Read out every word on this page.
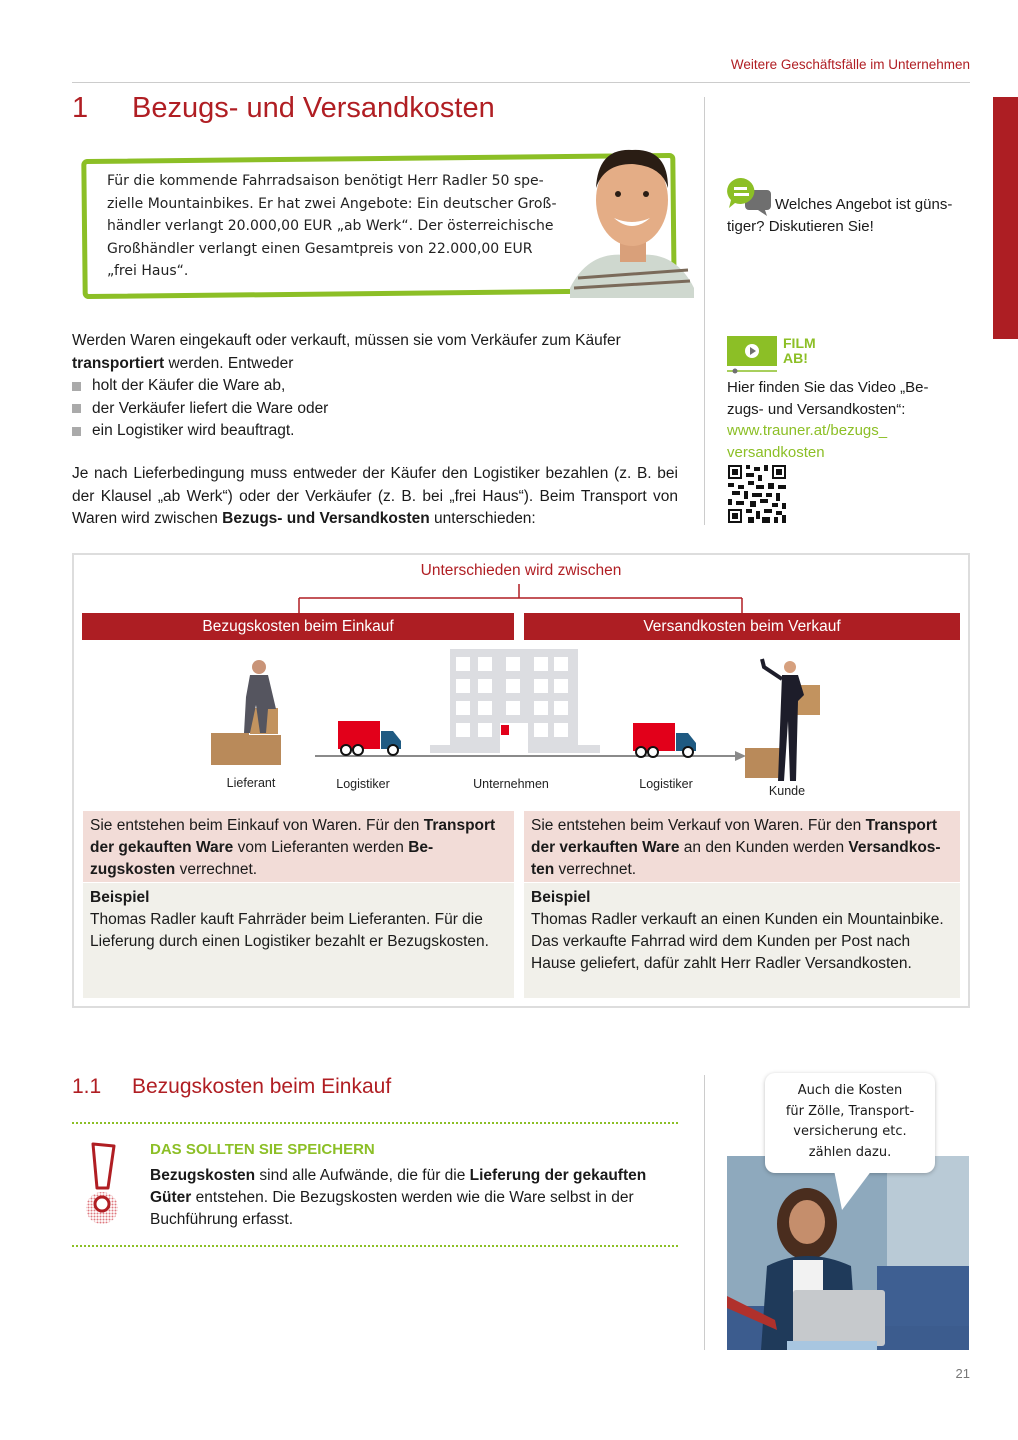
Weitere Geschäftsfälle im Unternehmen
1 Bezugs- und Versandkosten
Für die kommende Fahrradsaison benötigt Herr Radler 50 spe-
zielle Mountainbikes. Er hat zwei Angebote: Ein deutscher Groß-
händler verlangt 20.000,00 EUR „ab Werk“. Der österreichische
Großhändler verlangt einen Gesamtpreis von 22.000,00 EUR
„frei Haus“.
Welches Angebot ist güns-
tiger? Diskutieren Sie!
FILM
AB!
Hier finden Sie das Video „Be-
zugs- und Versandkosten“:
www.trauner.at/bezugs_
versandkosten
Werden Waren eingekauft oder verkauft, müssen sie vom Verkäufer zum Käufer
transportiert werden. Entweder
holt der Käufer die Ware ab,
der Verkäufer liefert die Ware oder
ein Logistiker wird beauftragt.
Je nach Lieferbedingung muss entweder der Käufer den Logistiker bezahlen (z. B. bei der Klausel „ab Werk“) oder der Verkäufer (z. B. bei „frei Haus“). Beim Transport von Waren wird zwischen Bezugs- und Versandkosten unterschieden:
Unterschieden wird zwischen
Bezugskosten beim Einkauf	Versandkosten beim Verkauf
Lieferant	Logistiker	Unternehmen	Logistiker	Kunde
Sie entstehen beim Einkauf von Waren. Für den Transport der gekauften Ware vom Lieferanten werden Bezugskosten verrechnet.
Sie entstehen beim Verkauf von Waren. Für den Transport der verkauften Ware an den Kunden werden Versandkosten verrechnet.
Beispiel
Thomas Radler kauft Fahrräder beim Lieferanten. Für die Lieferung durch einen Logistiker bezahlt er Bezugskosten.
Beispiel
Thomas Radler verkauft an einen Kunden ein Mountainbike. Das verkaufte Fahrrad wird dem Kunden per Post nach Hause geliefert, dafür zahlt Herr Radler Versandkosten.
1.1 Bezugskosten beim Einkauf
DAS SOLLTEN SIE SPEICHERN
Bezugskosten sind alle Aufwände, die für die Lieferung der gekauften Güter entstehen. Die Bezugskosten werden wie die Ware selbst in der Buchführung erfasst.
Auch die Kosten
für Zölle, Transport-
versicherung etc.
zählen dazu.
21
